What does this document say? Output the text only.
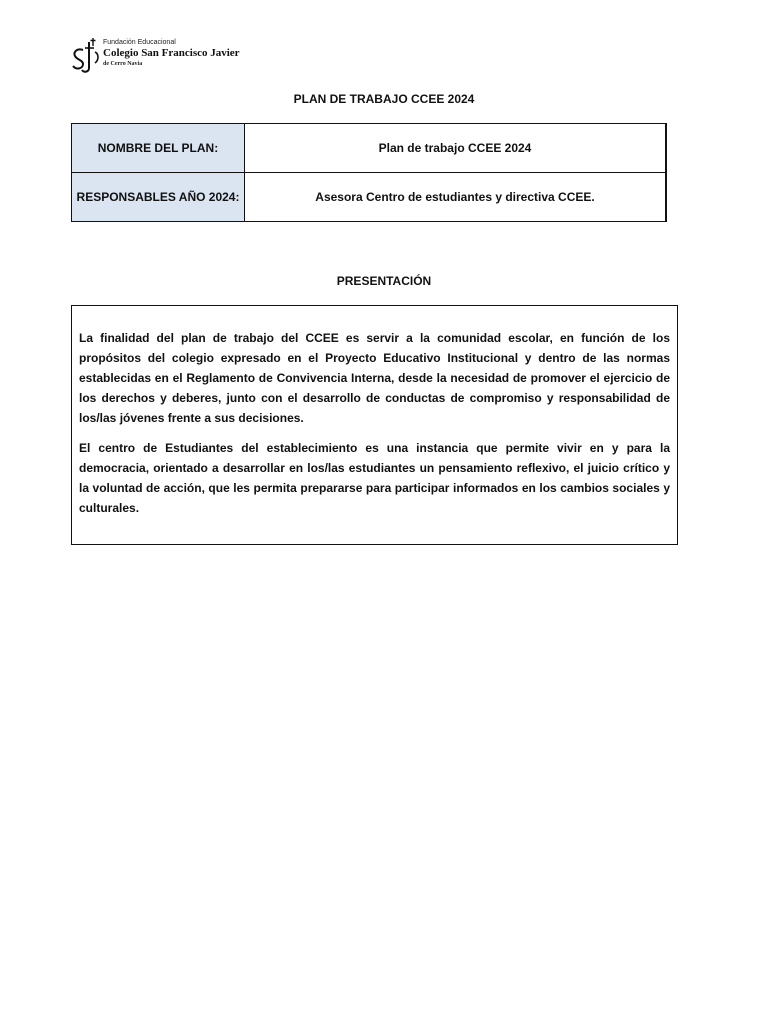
Fundación Educacional
Colegio San Francisco Javier
de Cerro Navia
PLAN DE TRABAJO CCEE 2024
NOMBRE DEL PLAN:	Plan de trabajo CCEE 2024
RESPONSABLES AÑO 2024:	Asesora Centro de estudiantes y directiva CCEE.
PRESENTACIÓN

La finalidad del plan de trabajo del CCEE es servir a la comunidad escolar, en función de los propósitos del colegio expresado en el Proyecto Educativo Institucional y dentro de las normas establecidas en el Reglamento de Convivencia Interna, desde la necesidad de promover el ejercicio de los derechos y deberes, junto con el desarrollo de conductas de compromiso y responsabilidad de los/las jóvenes frente a sus decisiones.

El centro de Estudiantes del establecimiento es una instancia que permite vivir en y para la democracia, orientado a desarrollar en los/las estudiantes un pensamiento reflexivo, el juicio crítico y la voluntad de acción, que les permita prepararse para participar informados en los cambios sociales y culturales.
